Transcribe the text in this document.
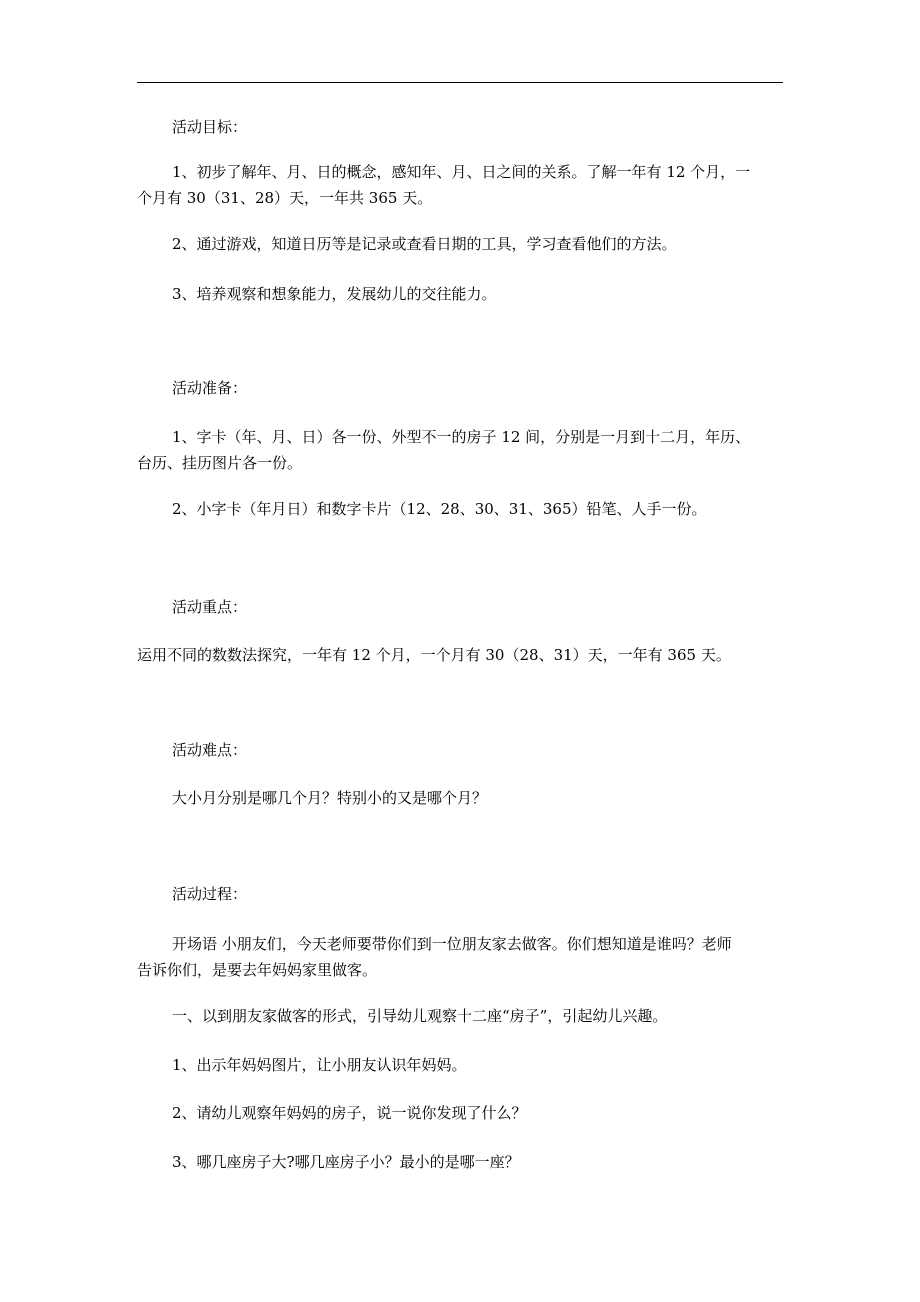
活动目标：
1、初步了解年、月、日的概念，感知年、月、日之间的关系。了解一年有 12 个月，一
个月有 30（31、28）天，一年共 365 天。
2、通过游戏，知道日历等是记录或查看日期的工具，学习查看他们的方法。
3、培养观察和想象能力，发展幼儿的交往能力。
活动准备：
1、字卡（年、月、日）各一份、外型不一的房子 12 间，分别是一月到十二月，年历、
台历、挂历图片各一份。
2、小字卡（年月日）和数字卡片（12、28、30、31、365）铅笔、人手一份。
活动重点：
运用不同的数数法探究，一年有 12 个月，一个月有 30（28、31）天，一年有 365 天。
活动难点：
大小月分别是哪几个月？特别小的又是哪个月？
活动过程：
开场语 小朋友们，今天老师要带你们到一位朋友家去做客。你们想知道是谁吗？老师
告诉你们，是要去年妈妈家里做客。
一、以到朋友家做客的形式，引导幼儿观察十二座“房子”，引起幼儿兴趣。
1、出示年妈妈图片，让小朋友认识年妈妈。
2、请幼儿观察年妈妈的房子，说一说你发现了什么？
3、哪几座房子大?哪几座房子小？最小的是哪一座？
